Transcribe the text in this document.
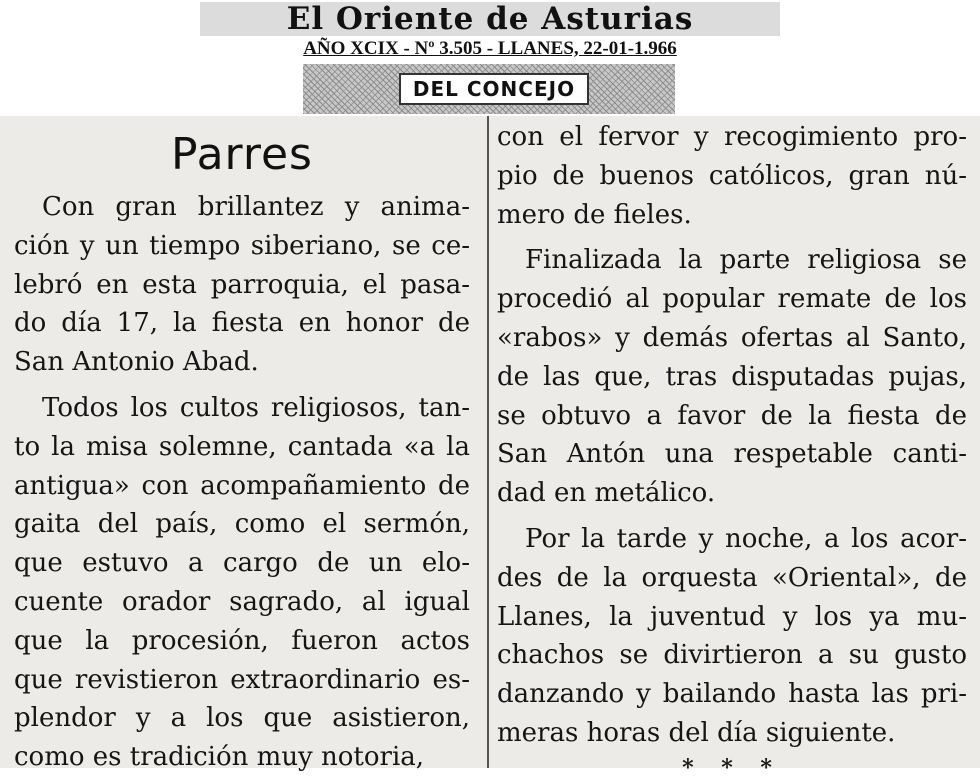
El Oriente de Asturias
AÑO XCIX - Nº 3.505 - LLANES, 22-01-1.966
DEL CONCEJO
Parres

Con gran brillantez y anima-
ción y un tiempo siberiano, se ce-
lebró en esta parroquia, el pasa-
do día 17, la fiesta en honor de
San Antonio Abad.

Todos los cultos religiosos, tan-
to la misa solemne, cantada «a la
antigua» con acompañamiento de
gaita del país, como el sermón,
que estuvo a cargo de un elo-
cuente orador sagrado, al igual
que la procesión, fueron actos
que revistieron extraordinario es-
plendor y a los que asistieron,
como es tradición muy notoria,

con el fervor y recogimiento pro-
pio de buenos católicos, gran nú-
mero de fieles.

Finalizada la parte religiosa se
procedió al popular remate de los
«rabos» y demás ofertas al Santo,
de las que, tras disputadas pujas,
se obtuvo a favor de la fiesta de
San Antón una respetable canti-
dad en metálico.

Por la tarde y noche, a los acor-
des de la orquesta «Oriental», de
Llanes, la juventud y los ya mu-
chachos se divirtieron a su gusto
danzando y bailando hasta las pri-
meras horas del día siguiente.

* * *
